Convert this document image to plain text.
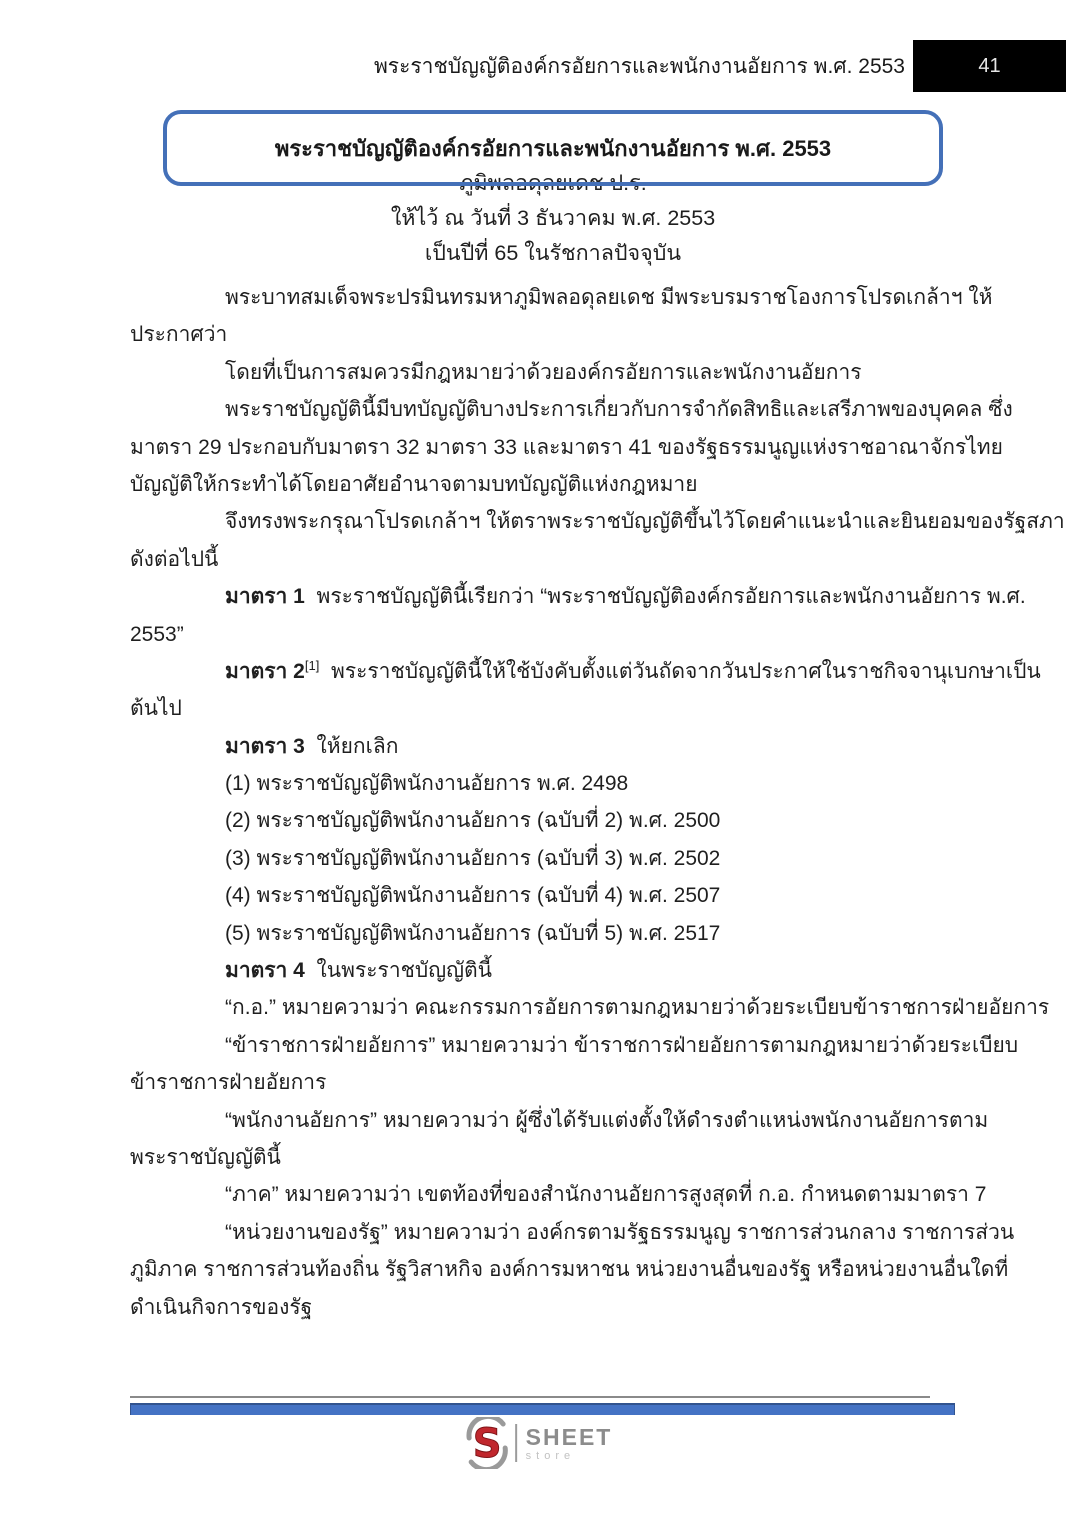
พระราชบัญญัติองค์กรอัยการและพนักงานอัยการ พ.ศ. 2553	41
พระราชบัญญัติองค์กรอัยการและพนักงานอัยการ พ.ศ. 2553
ภูมิพลอดุลยเดช ป.ร.
ให้ไว้ ณ วันที่ 3 ธันวาคม พ.ศ. 2553
เป็นปีที่ 65 ในรัชกาลปัจจุบัน
พระบาทสมเด็จพระปรมินทรมหาภูมิพลอดุลยเดช มีพระบรมราชโองการโปรดเกล้าฯ ให้
ประกาศว่า
โดยที่เป็นการสมควรมีกฎหมายว่าด้วยองค์กรอัยการและพนักงานอัยการ
พระราชบัญญัตินี้มีบทบัญญัติบางประการเกี่ยวกับการจำกัดสิทธิและเสรีภาพของบุคคล ซึ่ง
มาตรา 29 ประกอบกับมาตรา 32 มาตรา 33 และมาตรา 41 ของรัฐธรรมนูญแห่งราชอาณาจักรไทย
บัญญัติให้กระทำได้โดยอาศัยอำนาจตามบทบัญญัติแห่งกฎหมาย
จึงทรงพระกรุณาโปรดเกล้าฯ ให้ตราพระราชบัญญัติขึ้นไว้โดยคำแนะนำและยินยอมของรัฐสภา
ดังต่อไปนี้
มาตรา 1  พระราชบัญญัตินี้เรียกว่า “พระราชบัญญัติองค์กรอัยการและพนักงานอัยการ พ.ศ.
2553”
มาตรา 2[1]  พระราชบัญญัตินี้ให้ใช้บังคับตั้งแต่วันถัดจากวันประกาศในราชกิจจานุเบกษาเป็น
ต้นไป
มาตรา 3  ให้ยกเลิก
(1) พระราชบัญญัติพนักงานอัยการ พ.ศ. 2498
(2) พระราชบัญญัติพนักงานอัยการ (ฉบับที่ 2) พ.ศ. 2500
(3) พระราชบัญญัติพนักงานอัยการ (ฉบับที่ 3) พ.ศ. 2502
(4) พระราชบัญญัติพนักงานอัยการ (ฉบับที่ 4) พ.ศ. 2507
(5) พระราชบัญญัติพนักงานอัยการ (ฉบับที่ 5) พ.ศ. 2517
มาตรา 4  ในพระราชบัญญัตินี้
“ก.อ.” หมายความว่า คณะกรรมการอัยการตามกฎหมายว่าด้วยระเบียบข้าราชการฝ่ายอัยการ
“ข้าราชการฝ่ายอัยการ” หมายความว่า ข้าราชการฝ่ายอัยการตามกฎหมายว่าด้วยระเบียบ
ข้าราชการฝ่ายอัยการ
“พนักงานอัยการ” หมายความว่า ผู้ซึ่งได้รับแต่งตั้งให้ดำรงตำแหน่งพนักงานอัยการตาม
พระราชบัญญัตินี้
“ภาค” หมายความว่า เขตท้องที่ของสำนักงานอัยการสูงสุดที่ ก.อ. กำหนดตามมาตรา 7
“หน่วยงานของรัฐ” หมายความว่า องค์กรตามรัฐธรรมนูญ ราชการส่วนกลาง ราชการส่วน
ภูมิภาค ราชการส่วนท้องถิ่น รัฐวิสาหกิจ องค์การมหาชน หน่วยงานอื่นของรัฐ หรือหน่วยงานอื่นใดที่
ดำเนินกิจการของรัฐ
S SHEET
store
